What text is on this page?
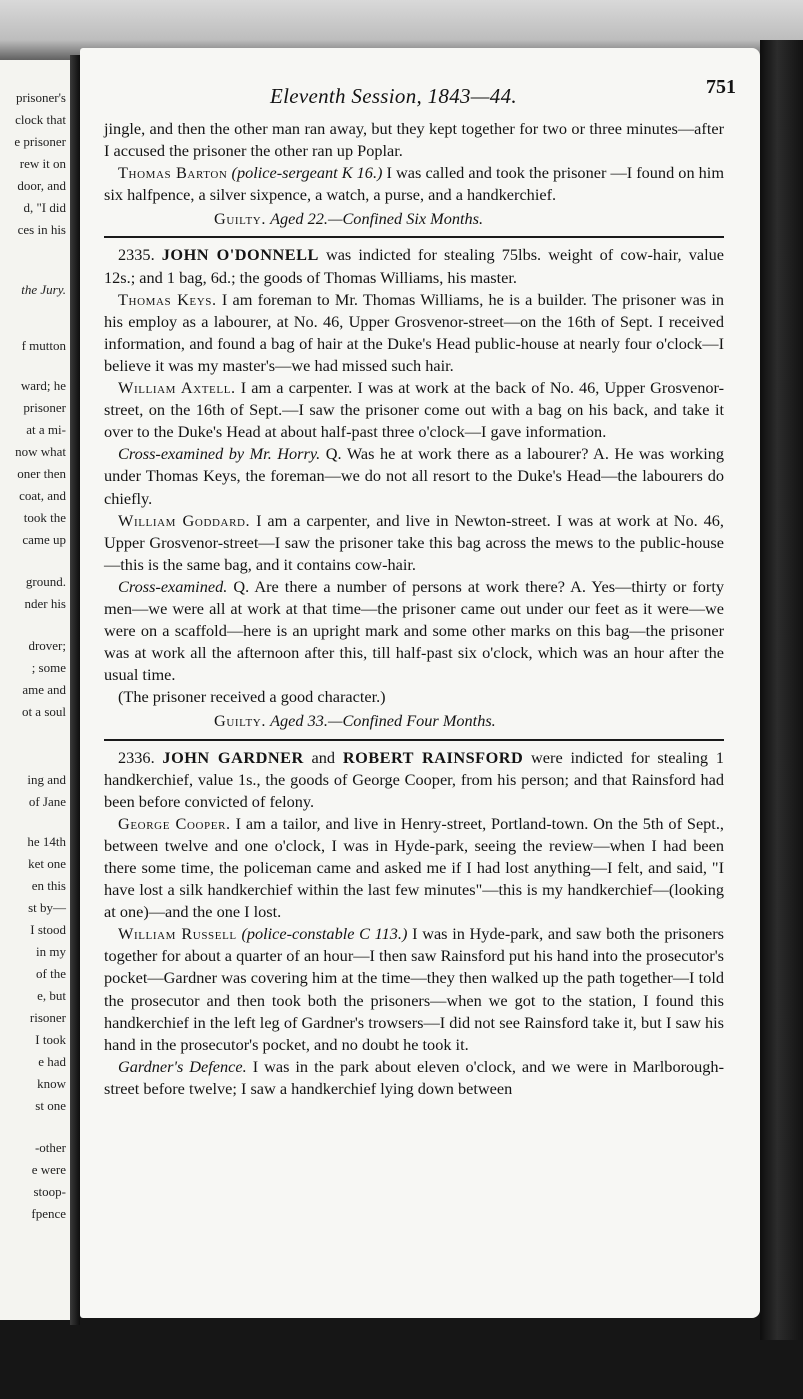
prisoner's
clock that
e prisoner
rew it on
door, and
d, "I did
ces in his
the Jury.
f mutton
ward; he
prisoner
at a mi-
now what
oner then
coat, and
took the
came up
ground.
nder his
drover;
; some
ame and
ot a soul
ing and
of Jane
he 14th
ket one
en this
st by—
I stood
in my
of the
e, but
risoner
I took
e had
know
st one
-other
e were
stoop-
fpence
Eleventh Session, 1843—44.	751

jingle, and then the other man ran away, but they kept together for two or three minutes—after I accused the prisoner the other ran up Poplar.

Thomas Barton (police-sergeant K 16.) I was called and took the prisoner —I found on him six halfpence, a silver sixpence, a watch, a purse, and a handkerchief.

Guilty. Aged 22.—Confined Six Months.

2335. JOHN O'DONNELL was indicted for stealing 75lbs. weight of cow-hair, value 12s.; and 1 bag, 6d.; the goods of Thomas Williams, his master.

Thomas Keys. I am foreman to Mr. Thomas Williams, he is a builder. The prisoner was in his employ as a labourer, at No. 46, Upper Grosvenor-street—on the 16th of Sept. I received information, and found a bag of hair at the Duke's Head public-house at nearly four o'clock—I believe it was my master's—we had missed such hair.

William Axtell. I am a carpenter. I was at work at the back of No. 46, Upper Grosvenor-street, on the 16th of Sept.—I saw the prisoner come out with a bag on his back, and take it over to the Duke's Head at about half-past three o'clock—I gave information.

Cross-examined by Mr. Horry. Q. Was he at work there as a labourer? A. He was working under Thomas Keys, the foreman—we do not all resort to the Duke's Head—the labourers do chiefly.

William Goddard. I am a carpenter, and live in Newton-street. I was at work at No. 46, Upper Grosvenor-street—I saw the prisoner take this bag across the mews to the public-house—this is the same bag, and it contains cow-hair.

Cross-examined. Q. Are there a number of persons at work there? A. Yes—thirty or forty men—we were all at work at that time—the prisoner came out under our feet as it were—we were on a scaffold—here is an upright mark and some other marks on this bag—the prisoner was at work all the afternoon after this, till half-past six o'clock, which was an hour after the usual time.

(The prisoner received a good character.)

Guilty. Aged 33.—Confined Four Months.

2336. JOHN GARDNER and ROBERT RAINSFORD were indicted for stealing 1 handkerchief, value 1s., the goods of George Cooper, from his person; and that Rainsford had been before convicted of felony.

George Cooper. I am a tailor, and live in Henry-street, Portland-town. On the 5th of Sept., between twelve and one o'clock, I was in Hyde-park, seeing the review—when I had been there some time, the policeman came and asked me if I had lost anything—I felt, and said, "I have lost a silk handkerchief within the last few minutes"—this is my handkerchief—(looking at one)—and the one I lost.

William Russell (police-constable C 113.) I was in Hyde-park, and saw both the prisoners together for about a quarter of an hour—I then saw Rainsford put his hand into the prosecutor's pocket—Gardner was covering him at the time—they then walked up the path together—I told the prosecutor and then took both the prisoners—when we got to the station, I found this handkerchief in the left leg of Gardner's trowsers—I did not see Rainsford take it, but I saw his hand in the prosecutor's pocket, and no doubt he took it.

Gardner's Defence. I was in the park about eleven o'clock, and we were in Marlborough-street before twelve; I saw a handkerchief lying down between
